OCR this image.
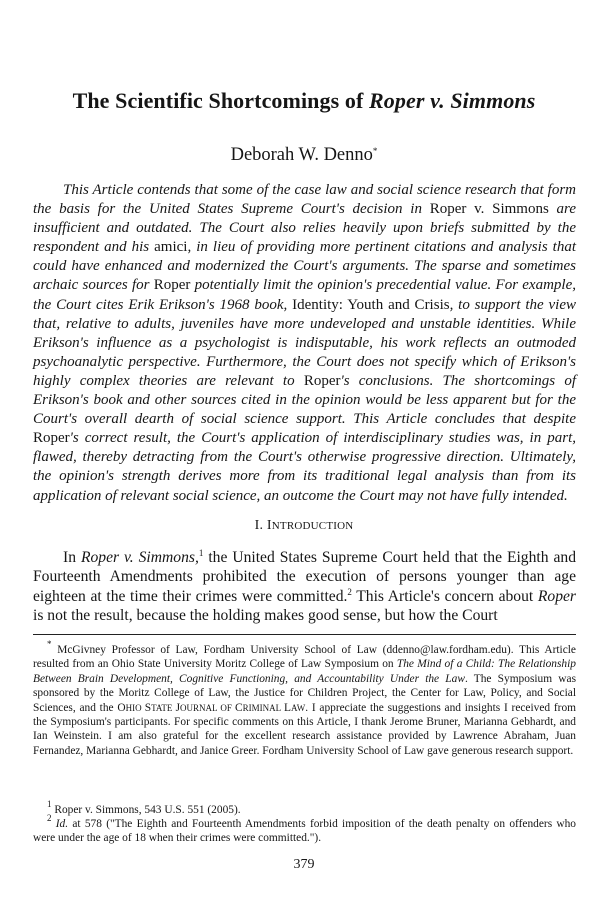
The Scientific Shortcomings of Roper v. Simmons
Deborah W. Denno*

This Article contends that some of the case law and social science research that form the basis for the United States Supreme Court's decision in Roper v. Simmons are insufficient and outdated. The Court also relies heavily upon briefs submitted by the respondent and his amici, in lieu of providing more pertinent citations and analysis that could have enhanced and modernized the Court's arguments. The sparse and sometimes archaic sources for Roper potentially limit the opinion's precedential value. For example, the Court cites Erik Erikson's 1968 book, Identity: Youth and Crisis, to support the view that, relative to adults, juveniles have more undeveloped and unstable identities. While Erikson's influence as a psychologist is indisputable, his work reflects an outmoded psychoanalytic perspective. Furthermore, the Court does not specify which of Erikson's highly complex theories are relevant to Roper's conclusions. The shortcomings of Erikson's book and other sources cited in the opinion would be less apparent but for the Court's overall dearth of social science support. This Article concludes that despite Roper's correct result, the Court's application of interdisciplinary studies was, in part, flawed, thereby detracting from the Court's otherwise progressive direction. Ultimately, the opinion's strength derives more from its traditional legal analysis than from its application of relevant social science, an outcome the Court may not have fully intended.

I. INTRODUCTION

In Roper v. Simmons,$^1$ the United States Supreme Court held that the Eighth and Fourteenth Amendments prohibited the execution of persons younger than age eighteen at the time their crimes were committed.$^2$ This Article's concern about Roper is not the result, because the holding makes good sense, but how the Court

* McGivney Professor of Law, Fordham University School of Law (ddenno@law.fordham.edu). This Article resulted from an Ohio State University Moritz College of Law Symposium on The Mind of a Child: The Relationship Between Brain Development, Cognitive Functioning, and Accountability Under the Law. The Symposium was sponsored by the Moritz College of Law, the Justice for Children Project, the Center for Law, Policy, and Social Sciences, and the OHIO STATE JOURNAL OF CRIMINAL LAW. I appreciate the suggestions and insights I received from the Symposium's participants. For specific comments on this Article, I thank Jerome Bruner, Marianna Gebhardt, and Ian Weinstein. I am also grateful for the excellent research assistance provided by Lawrence Abraham, Juan Fernandez, Marianna Gebhardt, and Janice Greer. Fordham University School of Law gave generous research support.

$^1$ Roper v. Simmons, 543 U.S. 551 (2005).

$^2$ Id. at 578 ("The Eighth and Fourteenth Amendments forbid imposition of the death penalty on offenders who were under the age of 18 when their crimes were committed.").

379
